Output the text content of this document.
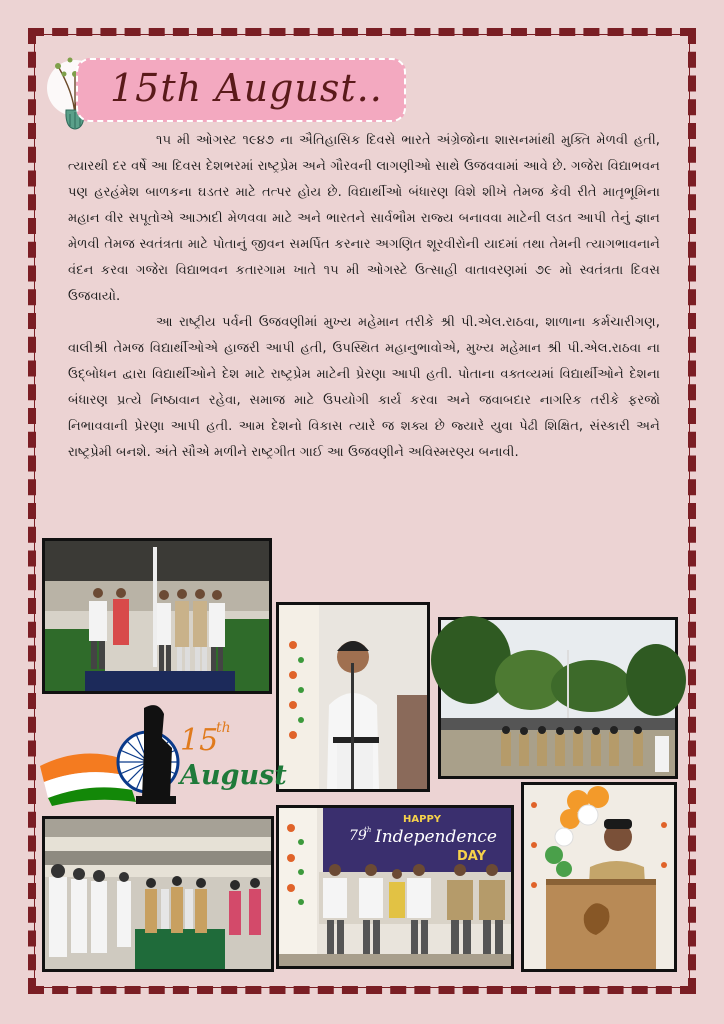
15th August..

૧૫ મી ઓગસ્ટ ૧૯૪૭ ના ઐતિહાસિક દિવસે ભારતે અંગ્રેજોના શાસનમાંથી મુક્તિ મેળવી હતી, ત્યારથી દર વર્ષે આ દિવસ દેશભરમાં રાષ્ટ્રપ્રેમ અને ગૌરવની લાગણીઓ સાથે ઉજવવામાં આવે છે. ગજેરા વિદ્યાભવન પણ હરહંમેશ બાળકના ઘડતર માટે તત્પર હોય છે. વિદ્યાર્થીઓ બંધારણ વિશે શીખે તેમજ કેવી રીતે માતૃભૂમિના મહાન વીર સપૂતોએ આઝાદી મેળવવા માટે અને ભારતને સાર્વભૌમ રાજ્ય બનાવવા માટેની લડત આપી તેનું જ્ઞાન મેળવી તેમજ સ્વતંત્રતા માટે પોતાનું જીવન સમર્પિત કરનાર અગણિત શૂરવીરોની યાદમાં તથા તેમની ત્યાગભાવનાને વંદન કરવા ગજેરા વિદ્યાભવન કતારગામ ખાતે ૧૫ મી ઓગસ્ટે ઉત્સાહી વાતાવરણમાં ૭૯ મો સ્વતંત્રતા દિવસ ઉજવાયો.

આ રાષ્ટ્રીય પર્વની ઉજવણીમાં મુખ્ય મહેમાન તરીકે શ્રી પી.એલ.રાઠવા, શાળાના કર્મચારીગણ, વાલીશ્રી તેમજ વિદ્યાર્થીઓએ હાજરી આપી હતી, ઉપસ્થિત મહાનુભાવોએ, મુખ્ય મહેમાન શ્રી પી.એલ.રાઠવા ના ઉદ્બોધન દ્વારા વિદ્યાર્થીઓને દેશ માટે રાષ્ટ્રપ્રેમ માટેની પ્રેરણા આપી હતી. પોતાના વક્તવ્યમાં વિદ્યાર્થીઓને દેશના બંધારણ પ્રત્યે નિષ્ઠાવાન રહેવા, સમાજ માટે ઉપયોગી કાર્ય કરવા અને જવાબદાર નાગરિક તરીકે ફરજો નિભાવવાની પ્રેરણા આપી હતી. આમ દેશનો વિકાસ ત્યારે જ શક્ય છે જ્યારે યુવા પેઢી શિક્ષિત, સંસ્કારી અને રાષ્ટ્રપ્રેમી બનશે. અંતે સૌએ મળીને રાષ્ટ્રગીત ગાઈ આ ઉજવણીને અવિસ્મરણ્ય બનાવી.

15
th
August
HAPPY
79
th Independence
DAY
